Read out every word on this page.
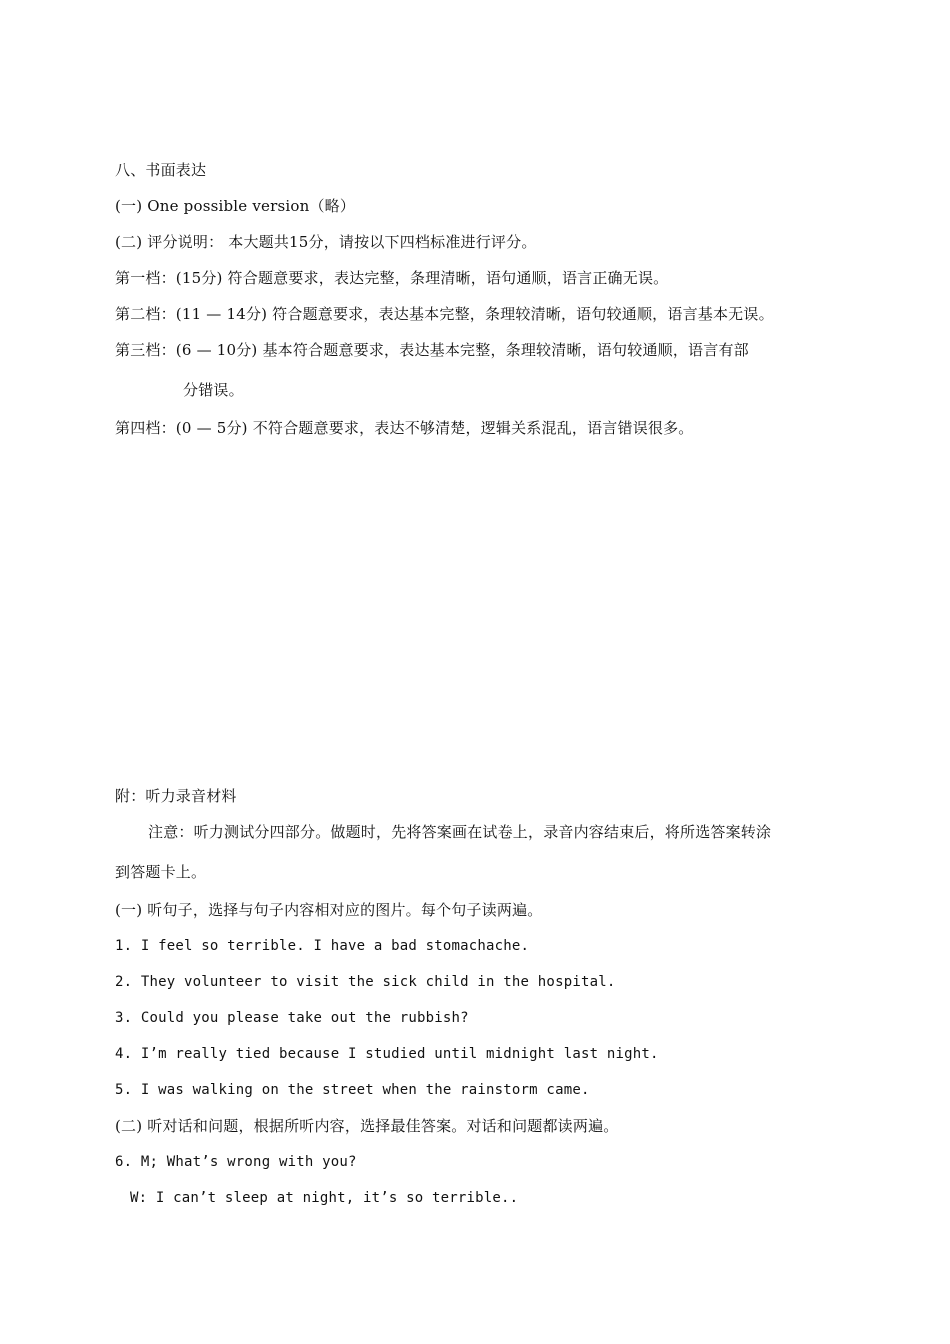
八、书面表达
(一) One possible version（略）
(二) 评分说明： 本大题共15分，请按以下四档标准进行评分。
第一档：(15分) 符合题意要求，表达完整，条理清晰，语句通顺，语言正确无误。
第二档：(11 — 14分) 符合题意要求，表达基本完整，条理较清晰，语句较通顺，语言基本无误。
第三档：(6 — 10分) 基本符合题意要求，表达基本完整，条理较清晰，语句较通顺，语言有部
分错误。
第四档：(0 — 5分) 不符合题意要求，表达不够清楚，逻辑关系混乱，语言错误很多。
附：听力录音材料
注意：听力测试分四部分。做题时，先将答案画在试卷上，录音内容结束后，将所选答案转涂
到答题卡上。
(一) 听句子，选择与句子内容相对应的图片。每个句子读两遍。
1. I feel so terrible. I have a bad stomachache.
2. They volunteer to visit the sick child in the hospital.
3. Could you please take out the rubbish?
4. I’m really tied because I studied until midnight last night.
5. I was walking on the street when the rainstorm came.
(二) 听对话和问题，根据所听内容，选择最佳答案。对话和问题都读两遍。
6. M; What’s wrong with you?
W: I can’t sleep at night, it’s so terrible..
